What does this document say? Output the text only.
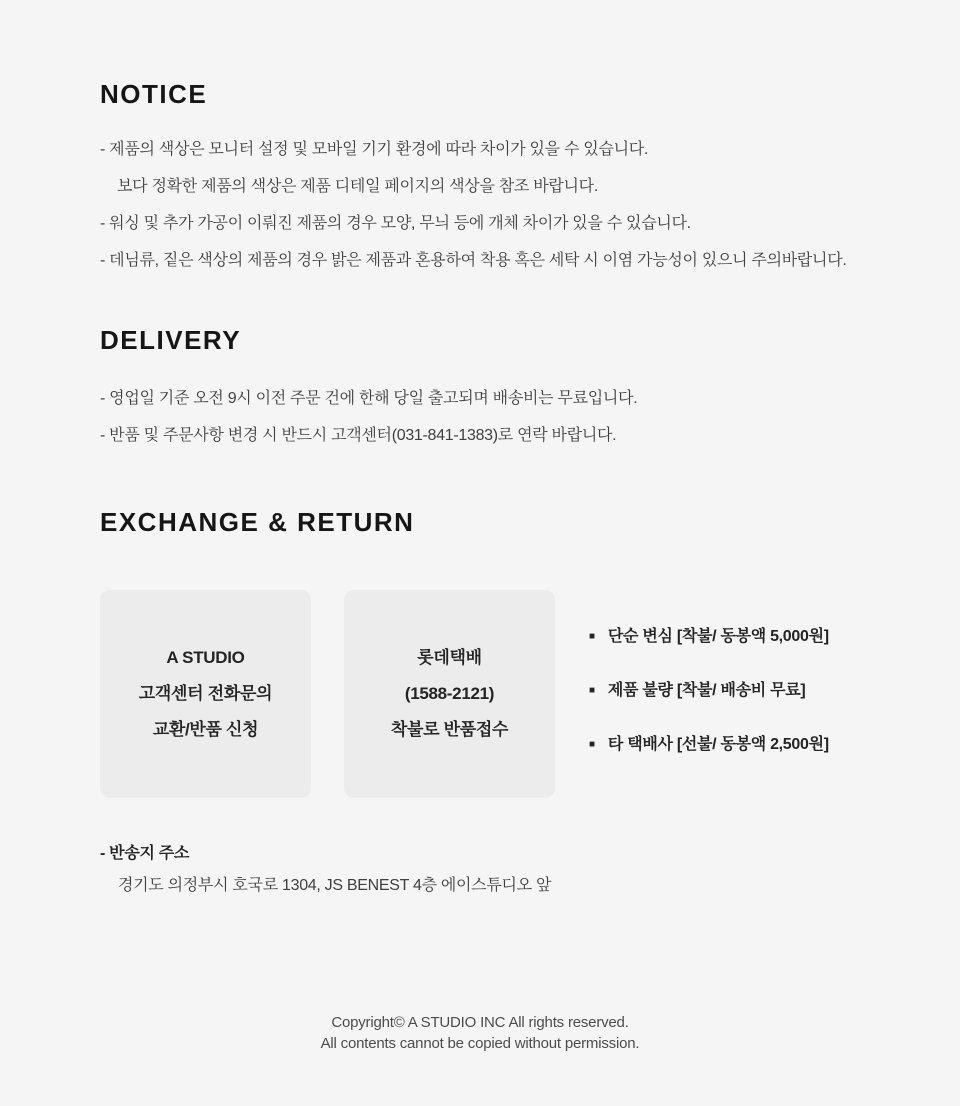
NOTICE
- 제품의 색상은 모니터 설정 및 모바일 기기 환경에 따라 차이가 있을 수 있습니다.
보다 정확한 제품의 색상은 제품 디테일 페이지의 색상을 참조 바랍니다.
- 워싱 및 추가 가공이 이뤄진 제품의 경우 모양, 무늬 등에 개체 차이가 있을 수 있습니다.
- 데님류, 짙은 색상의 제품의 경우 밝은 제품과 혼용하여 착용 혹은 세탁 시 이염 가능성이 있으니 주의바랍니다.
DELIVERY
- 영업일 기준 오전 9시 이전 주문 건에 한해 당일 출고되며 배송비는 무료입니다.
- 반품 및 주문사항 변경 시 반드시 고객센터(031-841-1383)로 연락 바랍니다.
EXCHANGE & RETURN

A STUDIO

고객센터 전화문의

교환/반품 신청

롯데택배

(1588-2121)

착불로 반품접수

■ 단순 변심 [착불/ 동봉액 5,000원]
■ 제품 불량 [착불/ 배송비 무료]
■ 타 택배사 [선불/ 동봉액 2,500원]

- 반송지 주소

경기도 의정부시 호국로 1304, JS BENEST 4층 에이스튜디오 앞

Copyright© A STUDIO INC All rights reserved.

All contents cannot be copied without permission.
